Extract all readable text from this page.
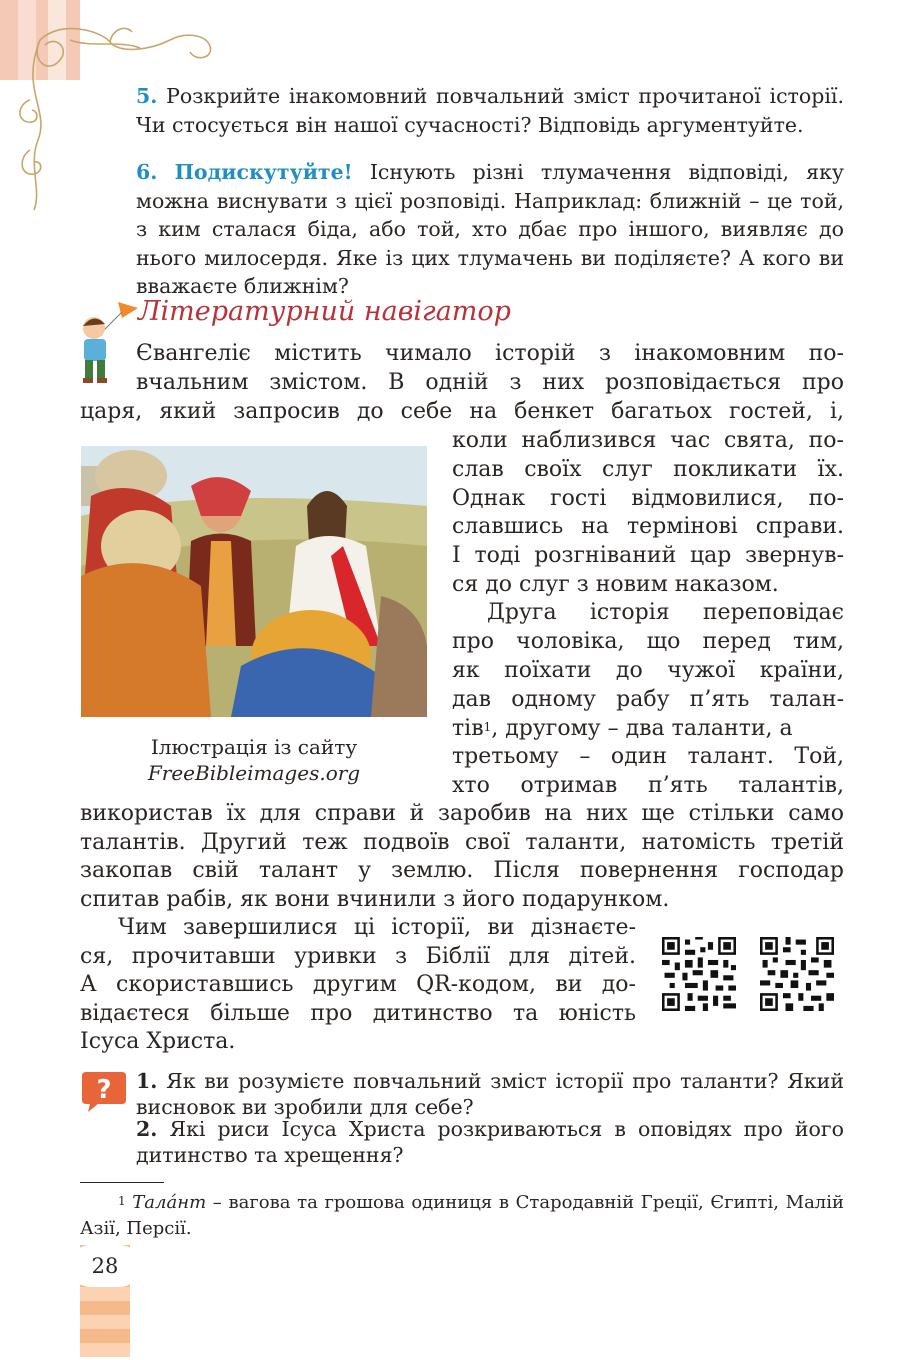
5. Розкрийте інакомовний повчальний зміст прочитаної історії. Чи стосується він нашої сучасності? Відповідь аргументуйте.
6. Подискутуйте! Існують різні тлумачення відповіді, яку можна виснувати з цієї розповіді. Наприклад: ближній – це той, з ким сталася біда, або той, хто дбає про іншого, виявляє до нього милосердя. Яке із цих тлумачень ви поділяєте? А кого ви вважаєте ближнім?
Літературний навігатор
Євангеліє містить чимало історій з інакомовним по-
вчальним змістом. В одній з них розповідається про
царя, який запросив до себе на бенкет багатьох гостей, і,
Ілюстрація із сайту
FreeBibleimages.org
коли наблизився час свята, по-
слав своїх слуг покликати їх.
Однак гості відмовилися, по-
славшись на термінові справи.
І тоді розгніваний цар звернув-
ся до слуг з новим наказом.
Друга історія переповідає
про чоловіка, що перед тим,
як поїхати до чужої країни,
дав одному рабу п’ять талан-
тів$^1$, другому – два таланти, а
третьому – один талант. Той,
хто отримав п’ять талантів,
використав їх для справи й заробив на них ще стільки само
талантів. Другий теж подвоїв свої таланти, натомість третій
закопав свій талант у землю. Після повернення господар
спитав рабів, як вони вчинили з його подарунком.
Чим завершилися ці історії, ви дізнаєте-
ся, прочитавши уривки з Біблії для дітей.
А скориставшись другим QR-кодом, ви до-
відаєтеся більше про дитинство та юність
Ісуса Христа.
? 1. Як ви розумієте повчальний зміст історії про таланти? Який висновок ви зробили для себе?
2. Які риси Ісуса Христа розкриваються в оповідях про його дитинство та хрещення?
$^1$ Тала́нт – вагова та грошова одиниця в Стародавній Греції, Єгипті, Малій Азії, Персії.
28
